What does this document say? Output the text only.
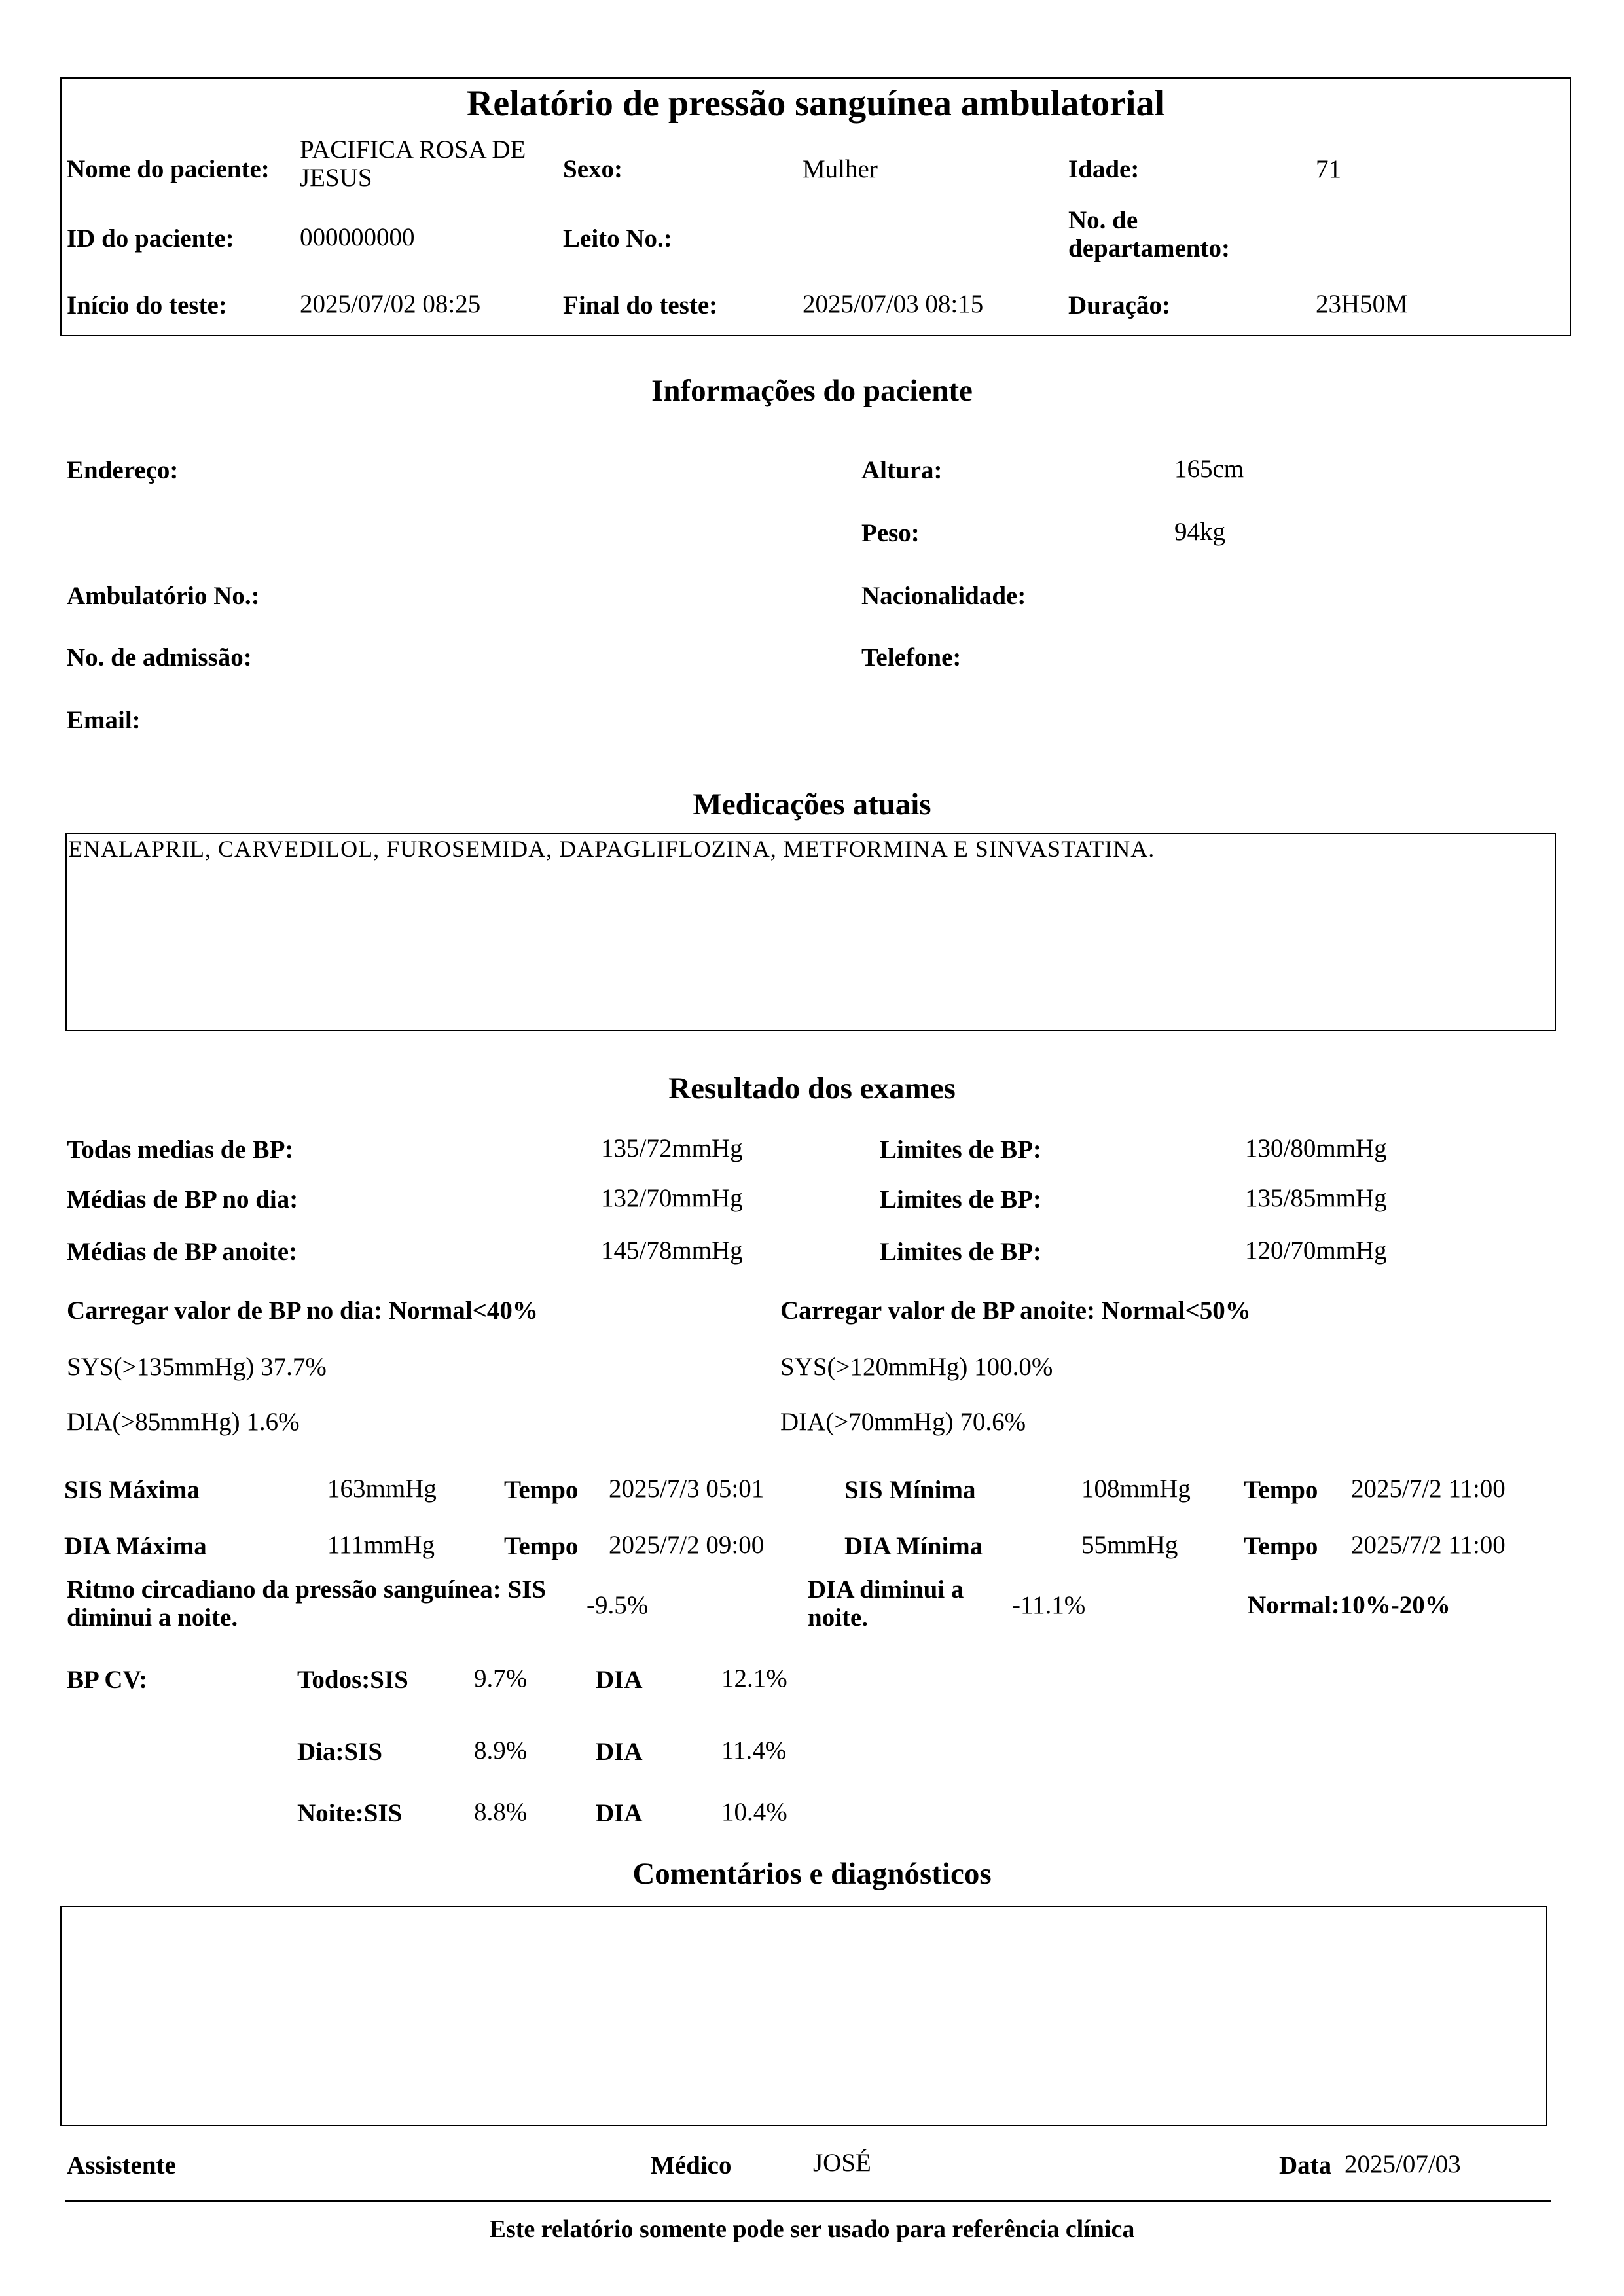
Relatório de pressão sanguínea ambulatorial
Nome do paciente:
PACIFICA ROSA DE JESUS	Sexo:	Mulher	Idade:	71
ID do paciente:	000000000	Leito No.:
No. de departamento:
Início do teste:	2025/07/02 08:25	Final do teste:	2025/07/03 08:15	Duração:	23H50M
Informações do paciente
Endereço:	Altura:	165cm
Peso:	94kg
Ambulatório No.:	Nacionalidade:
No. de admissão:	Telefone:
Email:
Medicações atuais
ENALAPRIL, CARVEDILOL, FUROSEMIDA, DAPAGLIFLOZINA, METFORMINA E SINVASTATINA.
Resultado dos exames
Todas medias de BP:	135/72mmHg	Limites de BP:	130/80mmHg
Médias de BP no dia:	132/70mmHg	Limites de BP:	135/85mmHg
Médias de BP anoite:	145/78mmHg	Limites de BP:	120/70mmHg
Carregar valor de BP no dia: Normal<40%	Carregar valor de BP anoite: Normal<50%
SYS(>135mmHg) 37.7%	SYS(>120mmHg) 100.0%
DIA(>85mmHg) 1.6%	DIA(>70mmHg) 70.6%
SIS Máxima	163mmHg	Tempo 2025/7/3 05:01	SIS Mínima	108mmHg Tempo 2025/7/2 11:00
DIA Máxima	111mmHg	Tempo 2025/7/2 09:00	DIA Mínima	55mmHg	Tempo 2025/7/2 11:00
Ritmo circadiano da pressão sanguínea: SIS diminui a noite.	-9.5%
DIA diminui a noite.	-11.1%	Normal:10%-20%
BP CV:	Todos:SIS	9.7%	DIA	12.1%
Dia:SIS	8.9%	DIA	11.4%
Noite:SIS	8.8%	DIA	10.4%
Comentários e diagnósticos
Assistente	Médico	JOSÉ	Data 2025/07/03
Este relatório somente pode ser usado para referência clínica
